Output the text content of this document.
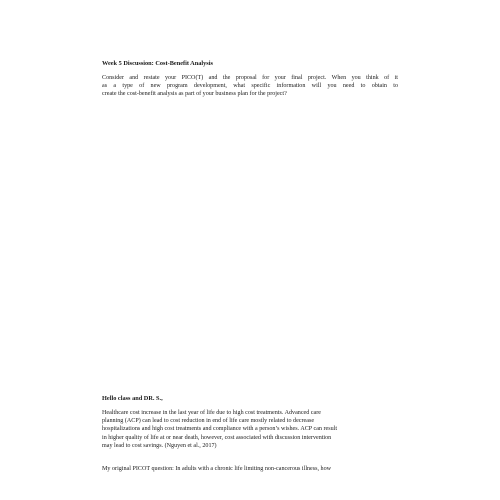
Week 5 Discussion: Cost-Benefit Analysis
Consider and restate your PICO(T) and the proposal for your final project. When you think of it
as a type of new program development, what specific information will you need to obtain to
create the cost-benefit analysis as part of your business plan for the project?
Hello class and DR. S.,
Healthcare cost increase in the last year of life due to high cost treatments. Advanced care
planning (ACP) can lead to cost reduction in end of life care mostly related to decrease
hospitalizations and high cost treatments and compliance with a person’s wishes. ACP can result
in higher quality of life at or near death, however, cost associated with discussion intervention
may lead to cost savings. (Nguyen et al., 2017)
My original PICOT question: In adults with a chronic life limiting non-cancerous illness, how
